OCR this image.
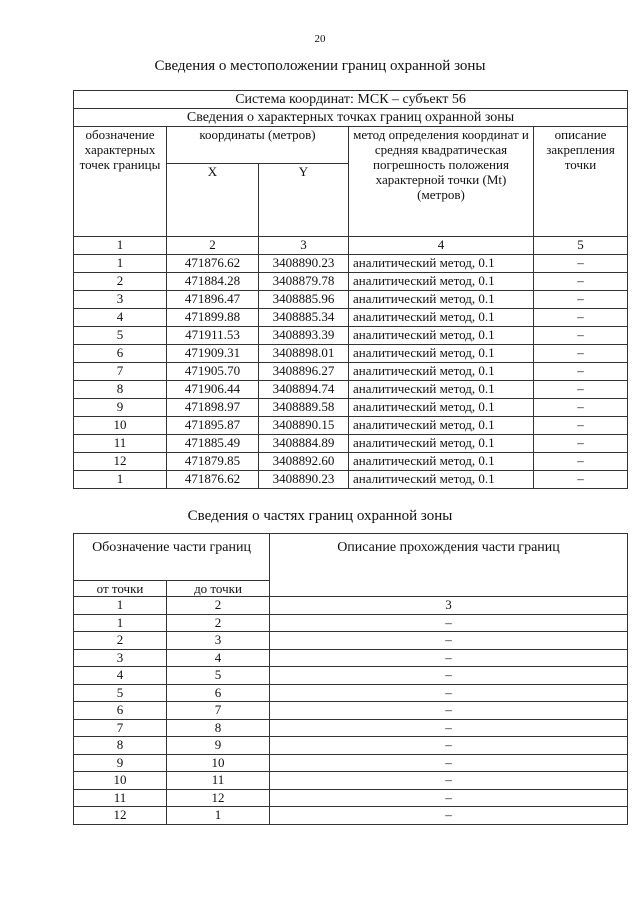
20
Сведения о местоположении границ охранной зоны
Система координат: МСК – субъект 56				
Сведения о характерных точках границ охранной зоны				
обозначение характерных точек границы	координаты (метров)		метод определения координат и средняя квадратическая погрешность положения характерной точки (Mt) (метров)	описание закрепления точки
	X	Y		
1	2	3	4	5
1	471876.62	3408890.23	аналитический метод, 0.1	–
2	471884.28	3408879.78	аналитический метод, 0.1	–
3	471896.47	3408885.96	аналитический метод, 0.1	–
4	471899.88	3408885.34	аналитический метод, 0.1	–
5	471911.53	3408893.39	аналитический метод, 0.1	–
6	471909.31	3408898.01	аналитический метод, 0.1	–
7	471905.70	3408896.27	аналитический метод, 0.1	–
8	471906.44	3408894.74	аналитический метод, 0.1	–
9	471898.97	3408889.58	аналитический метод, 0.1	–
10	471895.87	3408890.15	аналитический метод, 0.1	–
11	471885.49	3408884.89	аналитический метод, 0.1	–
12	471879.85	3408892.60	аналитический метод, 0.1	–
1	471876.62	3408890.23	аналитический метод, 0.1	–
Сведения о частях границ охранной зоны
Обозначение части границ		Описание прохождения части границ
от точки	до точки	
1	2	3
1	2	–
2	3	–
3	4	–
4	5	–
5	6	–
6	7	–
7	8	–
8	9	–
9	10	–
10	11	–
11	12	–
12	1	–
